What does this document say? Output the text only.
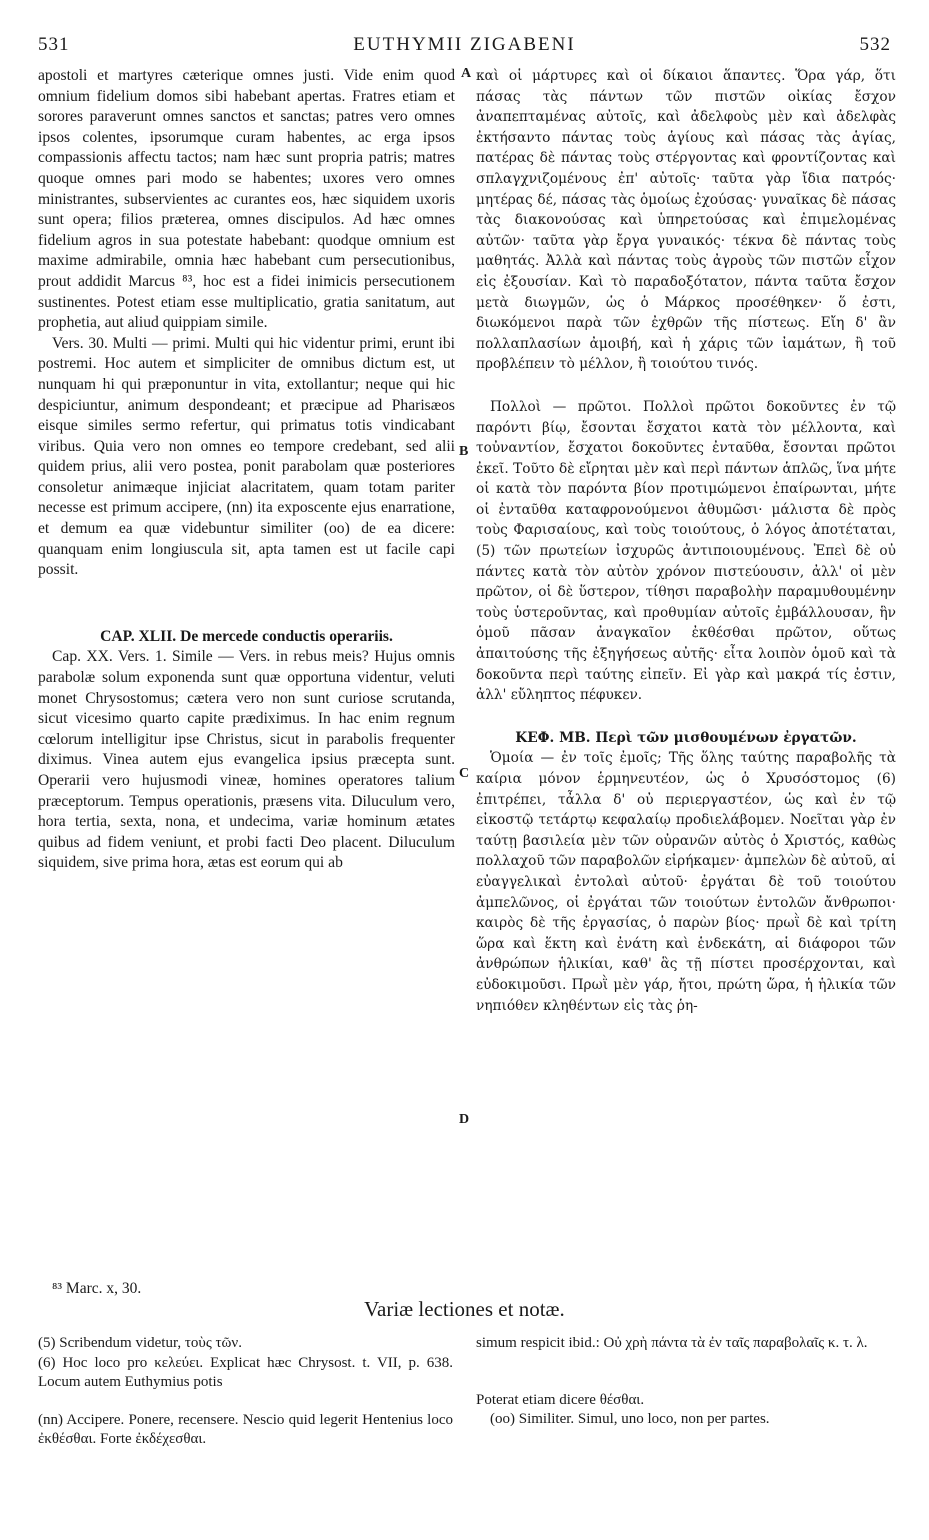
531	EUTHYMII ZIGABENI	532
A
B
C
D

apostoli et martyres cæterique omnes justi. Vide enim quod omnium fidelium domos sibi habebant apertas. Fratres etiam et sorores paraverunt omnes sanctos et sanctas; patres vero omnes ipsos colentes, ipsorumque curam habentes, ac erga ipsos compassionis affectu tactos; nam hæc sunt propria patris; matres quoque omnes pari modo se habentes; uxores vero omnes ministrantes, subservientes ac curantes eos, hæc siquidem uxoris sunt opera; filios præterea, omnes discipulos. Ad hæc omnes fidelium agros in sua potestate habebant: quodque omnium est maxime admirabile, omnia hæc habebant cum persecutionibus, prout addidit Marcus ⁸³, hoc est a fidei inimicis persecutionem sustinentes. Potest etiam esse multiplicatio, gratia sanitatum, aut prophetia, aut aliud quippiam simile.

Vers. 30. Multi — primi. Multi qui hic videntur primi, erunt ibi postremi. Hoc autem et simpliciter de omnibus dictum est, ut nunquam hi qui præponuntur in vita, extollantur; neque qui hic despiciuntur, animum despondeant; et præcipue ad Pharisæos eisque similes sermo refertur, qui primatus totis vindicabant viribus. Quia vero non omnes eo tempore credebant, sed alii quidem prius, alii vero postea, ponit parabolam quæ posteriores consoletur animæque injiciat alacritatem, quam totam pariter necesse est primum accipere, (nn) ita exposcente ejus enarratione, et demum ea quæ videbuntur similiter (oo) de ea dicere: quanquam enim longiuscula sit, apta tamen est ut facile capi possit.

CAP. XLII. De mercede conductis operariis.

Cap. XX. Vers. 1. Simile — Vers. in rebus meis? Hujus omnis parabolæ solum exponenda sunt quæ opportuna videntur, veluti monet Chrysostomus; cætera vero non sunt curiose scrutanda, sicut vicesimo quarto capite prædiximus. In hac enim regnum cœlorum intelligitur ipse Christus, sicut in parabolis frequenter diximus. Vinea autem ejus evangelica ipsius præcepta sunt. Operarii vero hujusmodi vineæ, homines operatores talium præceptorum. Tempus operationis, præsens vita. Diluculum vero, hora tertia, sexta, nona, et undecima, variæ hominum ætates quibus ad fidem veniunt, et probi facti Deo placent. Diluculum siquidem, sive prima hora, ætas est eorum qui ab

καὶ οἱ μάρτυρες καὶ οἱ δίκαιοι ἅπαντες. Ὅρα γάρ, ὅτι πάσας τὰς πάντων τῶν πιστῶν οἰκίας ἔσχον ἀναπεπταμένας αὐτοῖς, καὶ ἀδελφοὺς μὲν καὶ ἀδελφὰς ἐκτήσαντο πάντας τοὺς ἁγίους καὶ πάσας τὰς ἁγίας, πατέρας δὲ πάντας τοὺς στέργοντας καὶ φροντίζοντας καὶ σπλαγχνιζομένους ἐπ' αὐτοῖς· ταῦτα γὰρ ἴδια πατρός· μητέρας δέ, πάσας τὰς ὁμοίως ἐχούσας· γυναῖκας δὲ πάσας τὰς διακονούσας καὶ ὑπηρετούσας καὶ ἐπιμελομένας αὐτῶν· ταῦτα γὰρ ἔργα γυναικός· τέκνα δὲ πάντας τοὺς μαθητάς. Ἀλλὰ καὶ πάντας τοὺς ἀγροὺς τῶν πιστῶν εἶχον εἰς ἐξουσίαν. Καὶ τὸ παραδοξότατον, πάντα ταῦτα ἔσχον μετὰ διωγμῶν, ὡς ὁ Μάρκος προσέθηκεν· ὅ ἐστι, διωκόμενοι παρὰ τῶν ἐχθρῶν τῆς πίστεως. Εἴη δ' ἂν πολλαπλασίων ἀμοιβή, καὶ ἡ χάρις τῶν ἰαμάτων, ἢ τοῦ προβλέπειν τὸ μέλλον, ἢ τοιούτου τινός.

Πολλοὶ — πρῶτοι. Πολλοὶ πρῶτοι δοκοῦντες ἐν τῷ παρόντι βίῳ, ἔσονται ἔσχατοι κατὰ τὸν μέλλοντα, καὶ τοὐναντίον, ἔσχατοι δοκοῦντες ἐνταῦθα, ἔσονται πρῶτοι ἐκεῖ. Τοῦτο δὲ εἴρηται μὲν καὶ περὶ πάντων ἁπλῶς, ἵνα μήτε οἱ κατὰ τὸν παρόντα βίον προτιμώμενοι ἐπαίρωνται, μήτε οἱ ἐνταῦθα καταφρονούμενοι ἀθυμῶσι· μάλιστα δὲ πρὸς τοὺς Φαρισαίους, καὶ τοὺς τοιούτους, ὁ λόγος ἀποτέταται, (5) τῶν πρωτείων ἰσχυρῶς ἀντιποιουμένους. Ἐπεὶ δὲ οὐ πάντες κατὰ τὸν αὐτὸν χρόνον πιστεύουσιν, ἀλλ' οἱ μὲν πρῶτον, οἱ δὲ ὕστερον, τίθησι παραβολὴν παραμυθουμένην τοὺς ὑστεροῦντας, καὶ προθυμίαν αὐτοῖς ἐμβάλλουσαν, ἣν ὁμοῦ πᾶσαν ἀναγκαῖον ἐκθέσθαι πρῶτον, οὕτως ἀπαιτούσης τῆς ἐξηγήσεως αὐτῆς· εἶτα λοιπὸν ὁμοῦ καὶ τὰ δοκοῦντα περὶ ταύτης εἰπεῖν. Εἰ γὰρ καὶ μακρά τίς ἐστιν, ἀλλ' εὔληπτος πέφυκεν.

ΚΕΦ. ΜΒ. Περὶ τῶν μισθουμένων ἐργατῶν.

Ὁμοία — ἐν τοῖς ἐμοῖς; Τῆς ὅλης ταύτης παραβολῆς τὰ καίρια μόνον ἑρμηνευτέον, ὡς ὁ Χρυσόστομος (6) ἐπιτρέπει, τἆλλα δ' οὐ περιεργαστέον, ὡς καὶ ἐν τῷ εἰκοστῷ τετάρτῳ κεφαλαίῳ προδιελάβομεν. Νοεῖται γὰρ ἐν ταύτῃ βασιλεία μὲν τῶν οὐρανῶν αὐτὸς ὁ Χριστός, καθὼς πολλαχοῦ τῶν παραβολῶν εἰρήκαμεν· ἀμπελὼν δὲ αὐτοῦ, αἱ εὐαγγελικαὶ ἐντολαὶ αὐτοῦ· ἐργάται δὲ τοῦ τοιούτου ἀμπελῶνος, οἱ ἐργάται τῶν τοιούτων ἐντολῶν ἄνθρωποι· καιρὸς δὲ τῆς ἐργασίας, ὁ παρὼν βίος· πρωῒ δὲ καὶ τρίτη ὥρα καὶ ἕκτη καὶ ἐνάτη καὶ ἑνδεκάτη, αἱ διάφοροι τῶν ἀνθρώπων ἡλικίαι, καθ' ἃς τῇ πίστει προσέρχονται, καὶ εὐδοκιμοῦσι. Πρωῒ μὲν γάρ, ἤτοι, πρώτη ὥρα, ἡ ἡλικία τῶν νηπιόθεν κληθέντων εἰς τὰς ῥη-

⁸³ Marc. x, 30.
Variæ lectiones et notæ.

(5) Scribendum videtur, τοὺς τῶν.

(6) Hoc loco pro κελεύει. Explicat hæc Chrysost. t. VII, p. 638. Locum autem Euthymius potis

(nn) Accipere. Ponere, recensere. Nescio quid legerit Hentenius loco ἐκθέσθαι. Forte ἐκδέχεσθαι.

simum respicit ibid.: Οὐ χρὴ πάντα τὰ ἐν ταῖς παραβολαῖς κ. τ. λ.

Poterat etiam dicere θέσθαι.

(oo) Similiter. Simul, uno loco, non per partes.
